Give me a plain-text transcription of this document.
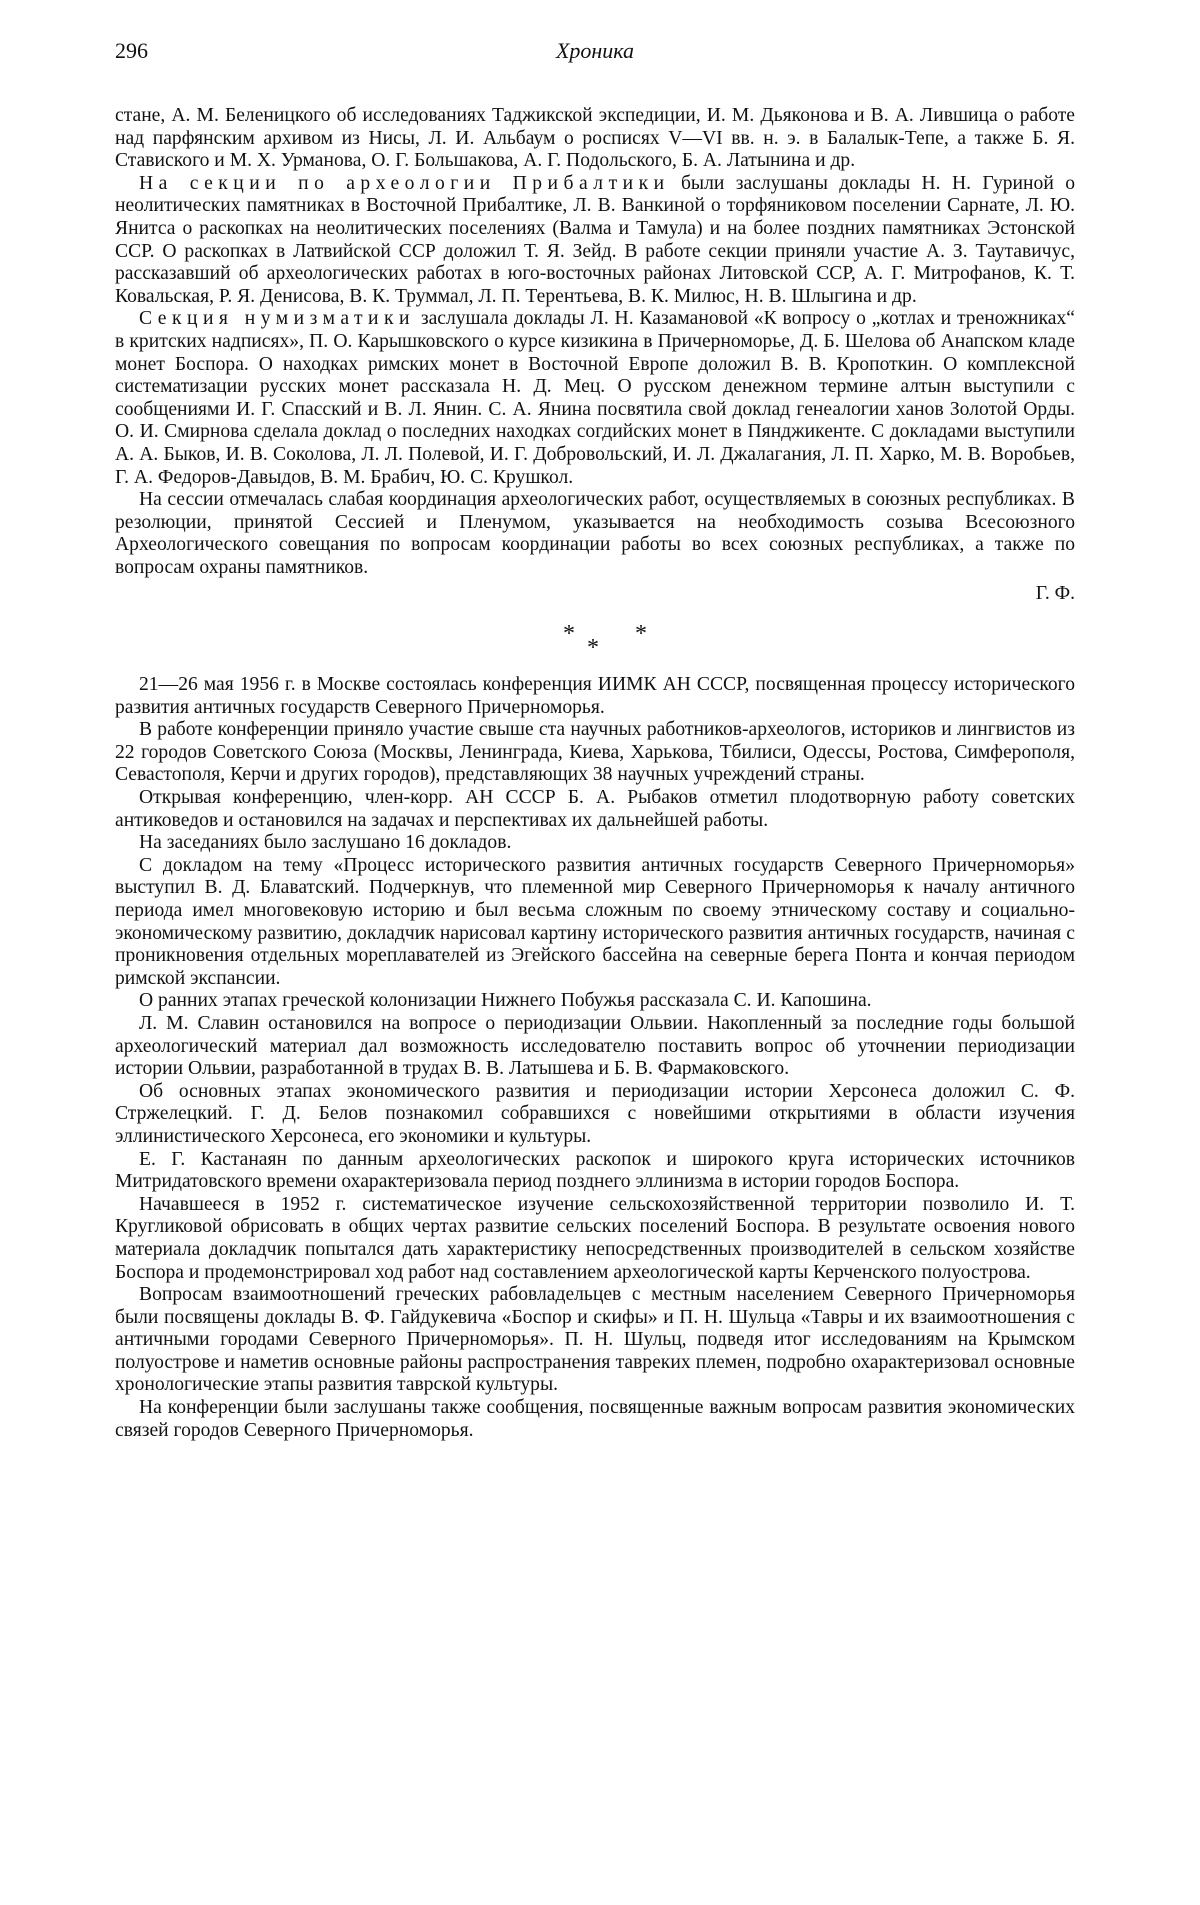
296	Хроника

стане, А. М. Беленицкого об исследованиях Таджикской экспедиции, И. М. Дьяконова и В. А. Лившица о работе над парфянским архивом из Нисы, Л. И. Альбаум о росписях V—VI вв. н. э. в Балалык-Тепе, а также Б. Я. Ставиского и М. Х. Урманова, О. Г. Большакова, А. Г. Подольского, Б. А. Латынина и др.

На секции по археологии Прибалтики были заслушаны доклады Н. Н. Гуриной о неолитических памятниках в Восточной Прибалтике, Л. В. Ванкиной о торфяниковом поселении Сарнате, Л. Ю. Янитса о раскопках на неолитических поселениях (Валма и Тамула) и на более поздних памятниках Эстонской ССР. О раскопках в Латвийской ССР доложил Т. Я. Зейд. В работе секции приняли участие А. З. Таутавичус, рассказавший об археологических работах в юго-восточных районах Литовской ССР, А. Г. Митрофанов, К. Т. Ковальская, Р. Я. Денисова, В. К. Труммал, Л. П. Терентьева, В. К. Милюс, Н. В. Шлыгина и др.

Секция нумизматики заслушала доклады Л. Н. Казамановой «К вопросу о „котлах и треножниках“ в критских надписях», П. О. Карышковского о курсе кизикина в Причерноморье, Д. Б. Шелова об Анапском кладе монет Боспора. О находках римских монет в Восточной Европе доложил В. В. Кропоткин. О комплексной систематизации русских монет рассказала Н. Д. Мец. О русском денежном термине алтын выступили с сообщениями И. Г. Спасский и В. Л. Янин. С. А. Янина посвятила свой доклад генеалогии ханов Золотой Орды. О. И. Смирнова сделала доклад о последних находках согдийских монет в Пянджикенте. С докладами выступили А. А. Быков, И. В. Соколова, Л. Л. Полевой, И. Г. Добровольский, И. Л. Джалагания, Л. П. Харко, М. В. Воробьев, Г. А. Федоров-Давыдов, В. М. Брабич, Ю. С. Крушкол.

На сессии отмечалась слабая координация археологических работ, осуществляемых в союзных республиках. В резолюции, принятой Сессией и Пленумом, указывается на необходимость созыва Всесоюзного Археологического совещания по вопросам координации работы во всех союзных республиках, а также по вопросам охраны памятников.

Г. Ф.

*
*
*

21—26 мая 1956 г. в Москве состоялась конференция ИИМК АН СССР, посвященная процессу исторического развития античных государств Северного Причерноморья.

В работе конференции приняло участие свыше ста научных работников-археологов, историков и лингвистов из 22 городов Советского Союза (Москвы, Ленинграда, Киева, Харькова, Тбилиси, Одессы, Ростова, Симферополя, Севастополя, Керчи и других городов), представляющих 38 научных учреждений страны.

Открывая конференцию, член-корр. АН СССР Б. А. Рыбаков отметил плодотворную работу советских антиковедов и остановился на задачах и перспективах их дальнейшей работы.

На заседаниях было заслушано 16 докладов.

С докладом на тему «Процесс исторического развития античных государств Северного Причерноморья» выступил В. Д. Блаватский. Подчеркнув, что племенной мир Северного Причерноморья к началу античного периода имел многовековую историю и был весьма сложным по своему этническому составу и социально-экономическому развитию, докладчик нарисовал картину исторического развития античных государств, начиная с проникновения отдельных мореплавателей из Эгейского бассейна на северные берега Понта и кончая периодом римской экспансии.

О ранних этапах греческой колонизации Нижнего Побужья рассказала С. И. Капошина.

Л. М. Славин остановился на вопросе о периодизации Ольвии. Накопленный за последние годы большой археологический материал дал возможность исследователю поставить вопрос об уточнении периодизации истории Ольвии, разработанной в трудах В. В. Латышева и Б. В. Фармаковского.

Об основных этапах экономического развития и периодизации истории Херсонеса доложил С. Ф. Стржелецкий. Г. Д. Белов познакомил собравшихся с новейшими открытиями в области изучения эллинистического Херсонеса, его экономики и культуры.

Е. Г. Кастанаян по данным археологических раскопок и широкого круга исторических источников Митридатовского времени охарактеризовала период позднего эллинизма в истории городов Боспора.

Начавшееся в 1952 г. систематическое изучение сельскохозяйственной территории позволило И. Т. Кругликовой обрисовать в общих чертах развитие сельских поселений Боспора. В результате освоения нового материала докладчик попытался дать характеристику непосредственных производителей в сельском хозяйстве Боспора и продемонстрировал ход работ над составлением археологической карты Керченского полуострова.

Вопросам взаимоотношений греческих рабовладельцев с местным населением Северного Причерноморья были посвящены доклады В. Ф. Гайдукевича «Боспор и скифы» и П. Н. Шульца «Тавры и их взаимоотношения с античными городами Северного Причерноморья». П. Н. Шульц, подведя итог исследованиям на Крымском полуострове и наметив основные районы распространения тавреких племен, подробно охарактеризовал основные хронологические этапы развития таврской культуры.

На конференции были заслушаны также сообщения, посвященные важным вопросам развития экономических связей городов Северного Причерноморья.
